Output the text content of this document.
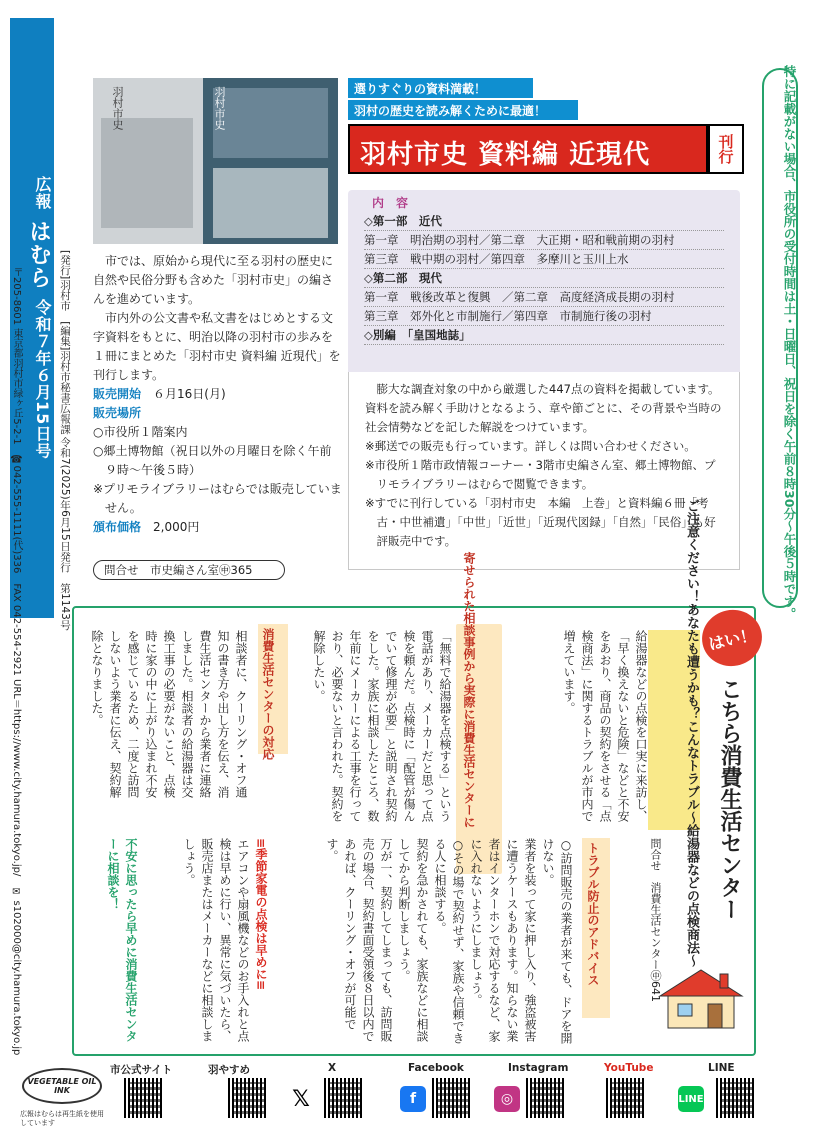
広報
はむら
令和７年６月15日号
令和7(2025)年6月15日発行　第1143号
[発行]羽村市　[編集]羽村市秘書広報課
URL＝https://www.city.hamura.tokyo.jp/　✉ s102000@city.hamura.tokyo.jp
〒205-8601 東京都羽村市緑ヶ丘5-2-1　☎042-555-1111(代)336　FAX 042-554-2921	特に記載がない場合、市役所の受付時間は土・日曜日、祝日を除く午前８時30分〜午後５時です。
羽村市史	羽村市史	選りすぐりの資料満載！
羽村の歴史を読み解くために最適！
羽村市史 資料編 近現代	刊行
内　容
◇第一部　近代
第一章　明治期の羽村／第二章　大正期・昭和戦前期の羽村
第三章　戦中期の羽村／第四章　多摩川と玉川上水
◇第二部　現代
第一章　戦後改革と復興　／第二章　高度経済成長期の羽村
第三章　郊外化と市制施行／第四章　市制施行後の羽村
◇別編　「皇国地誌」

膨大な調査対象の中から厳選した447点の資料を掲載しています。資料を読み解く手助けとなるよう、章や節ごとに、その背景や当時の社会情勢などを記した解説をつけています。

※郵送での販売も行っています。詳しくは問い合わせください。

※市役所１階市政情報コーナー・3階市史編さん室、郷土博物館、プリモライブラリーはむらで閲覧できます。

※すでに刊行している「羽村市史　本編　上巻」と資料編６冊「考古・中世補遺」「中世」「近世」「近現代図録」「自然」「民俗」も好評販売中です。

市では、原始から現代に至る羽村の歴史に自然や民俗分野も含めた「羽村市史」の編さんを進めています。

市内外の公文書や私文書をはじめとする文字資料をもとに、明治以降の羽村市の歩みを１冊にまとめた「羽村市史 資料編 近現代」を刊行します。

販売開始　 ６月16日(月)
販売場所
○市役所１階案内
○郷土博物館（祝日以外の月曜日を除く午前９時〜午後５時）
※プリモライブラリーはむらでは販売していません。
頒布価格　 2,000円
問合せ　市史編さん室㊥365
はい！
こちら消費生活センター
ご注意ください！あなたも遭うかも？こんなトラブル
〜給湯器などの点検商法〜
問合せ　消費生活センター㊥641
給湯器などの点検を口実に来訪し、「早く換えないと危険」などと不安をあおり、商品の契約をさせる「点検商法」に関するトラブルが市内で増えています。
実際に消費生活センターに
寄せられた相談事例から
「無料で給湯器を点検する」という電話があり、メーカーだと思って点検を頼んだ。点検時に「配管が傷んでいて修理が必要」と説明され契約をした。家族に相談したところ、数年前にメーカーによる工事を行っており、必要ないと言われた。契約を解除したい。
消費生活センターの対応
相談者に、クーリング・オフ通知の書き方や出し方を伝え、消費生活センターから業者に連絡しました。相談者の給湯器は交換工事の必要がないこと、点検時に家の中に上がり込まれ不安を感じているため、二度と訪問しないよう業者に伝え、契約解除となりました。
トラブル防止のアドバイス
○訪問販売の業者が来ても、ドアを開けない。
業者を装って家に押し入り、強盗被害に遭うケースもあります。知らない業者はインターホンで対応するなど、家に入れないようにしましょう。
○その場で契約せず、家族や信頼できる人に相談する。
契約を急かされても、家族などに相談してから判断しましょう。
万が一、契約してしまっても、訪問販売の場合、契約書面受領後８日以内であれば、クーリング・オフが可能です。
≡季節家電の点検は早めに≡
エアコンや扇風機などのお手入れと点検は早めに行い、異常に気づいたら、販売店またはメーカーなどに相談しましょう。
不安に思ったら早めに消費生活センターに相談を！
VEGETABLE OIL INK
広報はむらは再生紙を使用しています
市公式サイト	羽やすめ	X
𝕏
Facebook
f
Instagram
◎
YouTube	LINE
LINE
